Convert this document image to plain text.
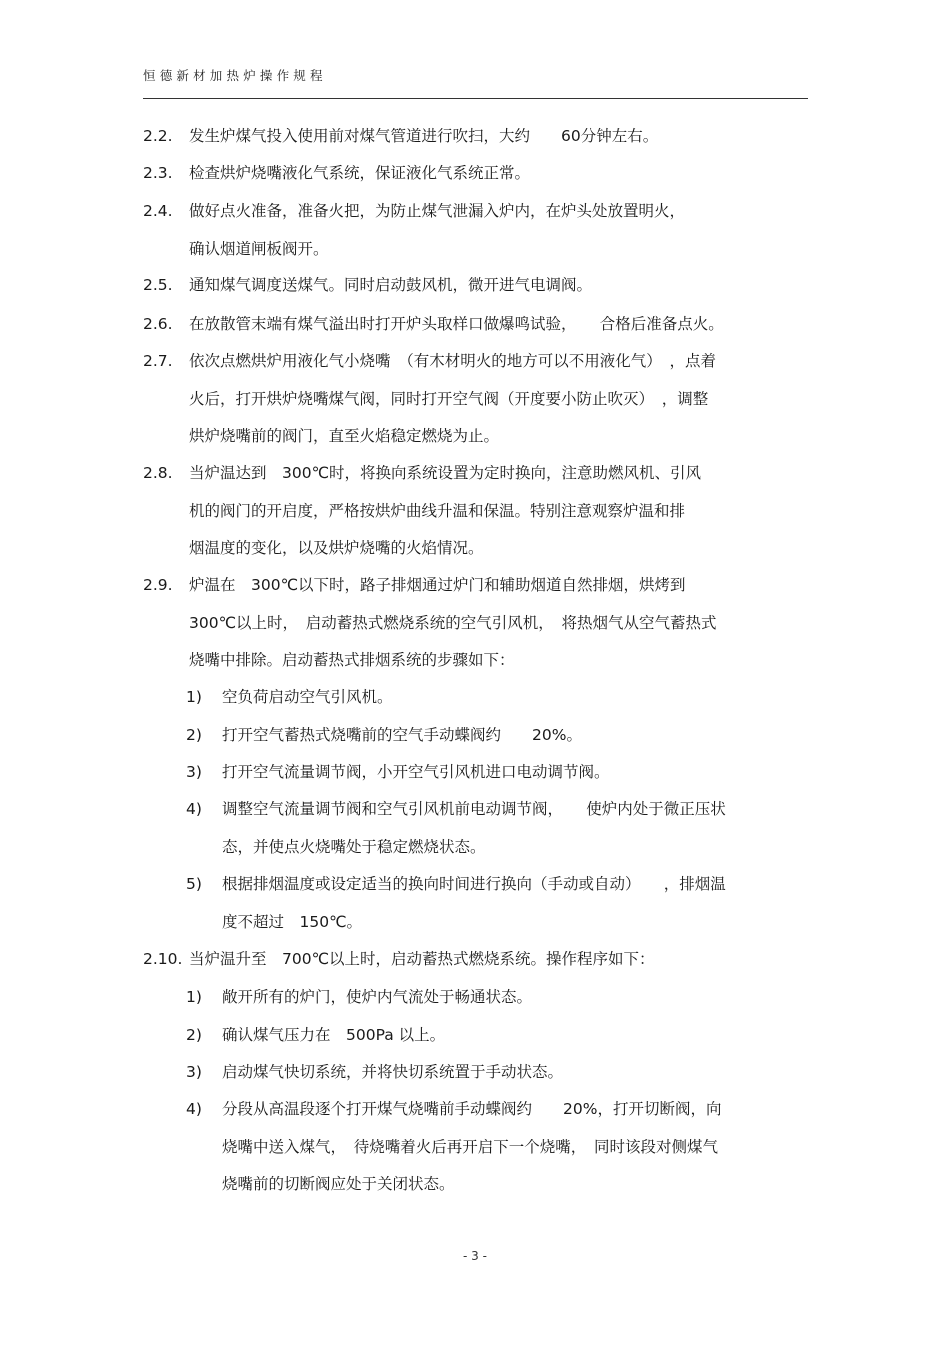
恒德新材加热炉操作规程
2.2.	发生炉煤气投入使用前对煤气管道进行吹扫，大约　　60分钟左右。
2.3.	检查烘炉烧嘴液化气系统，保证液化气系统正常。
2.4.	做好点火准备，准备火把，为防止煤气泄漏入炉内，在炉头处放置明火，
确认烟道闸板阀开。
2.5.	通知煤气调度送煤气。同时启动鼓风机，微开进气电调阀。
2.6.	在放散管末端有煤气溢出时打开炉头取样口做爆鸣试验，　　合格后准备点火。
2.7.	依次点燃烘炉用液化气小烧嘴　（有木材明火的地方可以不用液化气）　，点着
火后，打开烘炉烧嘴煤气阀，同时打开空气阀（开度要小防止吹灭）　，调整
烘炉烧嘴前的阀门，直至火焰稳定燃烧为止。
2.8.	当炉温达到　300℃时，将换向系统设置为定时换向，注意助燃风机、引风
机的阀门的开启度，严格按烘炉曲线升温和保温。特别注意观察炉温和排
烟温度的变化，以及烘炉烧嘴的火焰情况。
2.9.	炉温在　300℃以下时，路子排烟通过炉门和辅助烟道自然排烟，烘烤到
300℃以上时，　启动蓄热式燃烧系统的空气引风机，　将热烟气从空气蓄热式
烧嘴中排除。启动蓄热式排烟系统的步骤如下：
1)	空负荷启动空气引风机。
2)	打开空气蓄热式烧嘴前的空气手动蝶阀约　　20%。
3)	打开空气流量调节阀，小开空气引风机进口电动调节阀。
4)	调整空气流量调节阀和空气引风机前电动调节阀，　　使炉内处于微正压状
态，并使点火烧嘴处于稳定燃烧状态。
5)	根据排烟温度或设定适当的换向时间进行换向（手动或自动）　　，排烟温
度不超过　150℃。
2.10. 当炉温升至　700℃以上时，启动蓄热式燃烧系统。操作程序如下：
1)	敞开所有的炉门，使炉内气流处于畅通状态。
2)	确认煤气压力在　500Pa 以上。
3)	启动煤气快切系统，并将快切系统置于手动状态。
4)	分段从高温段逐个打开煤气烧嘴前手动蝶阀约　　20%，打开切断阀，向
烧嘴中送入煤气，　待烧嘴着火后再开启下一个烧嘴，　同时该段对侧煤气
烧嘴前的切断阀应处于关闭状态。
- 3 -
